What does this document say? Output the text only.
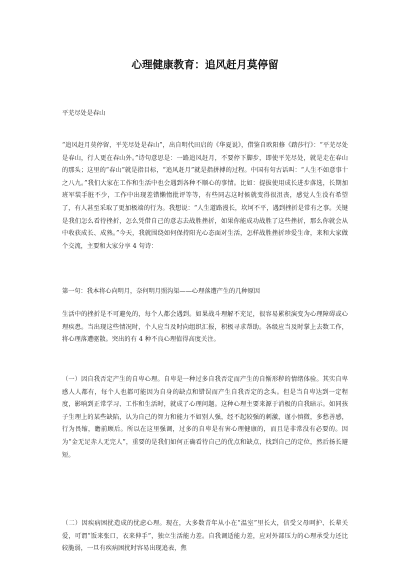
心理健康教育：追风赶月莫停留
平芜尽处是春山
“追风赶月莫停留，平芜尽处是春山”，出自明代田启的《华夏说》，借鉴自欧阳修《踏莎行》：“平芜尽处是春山，行人更在春山外。”诗句意思是：一路追风赶月，不要停下脚步，即使平芜尽处，就是走在春山的那头；这里的“春山”就是指目标，“追风赶月”就是指拼搏的过程。中国有句古话叫：“人生不如意事十之八九。”我们大家在工作和生活中也会遇到各种不顺心的事情。比如：提拔使用成长进步落选，长期加班军装手脏不少，工作中出现差错懒惰批评等等，有些同志这时候就变得很沮丧，感觉人生没有希望了，有人甚至采取了更加极端的行为。我想说：“人生道路漫长，坎坷不平，遇到挫折是常有之事。关键是我们怎么看待挫折，怎么凭借自己的意志去战胜挫折，如果你能成功战胜了这些挫折，那么你就会从中收获成长、成熟。”今天，我就围绕如何保持阳光心态面对生活，怎样战胜挫折珍爱生命，来和大家做个交流，主要和大家分享 4 句诗：
第一句：我本将心向明月，奈何明月照沟渠——心理落遭产生的几种原因
生活中的挫折是不可避免的，每个人都会遇到。如果战斗理解不充足，很容易累积演变为心理障碍或心理疾患。当出现这些情况时，个人应当及时向组织汇报，积极寻求帮助。各级应当及时掌上去数工作，将心理落遭驱散。突出的有 4 种不良心理值得高度关注。
（一）因自我否定产生的自卑心理。自卑是一种过多自我否定而产生的自惭形秽的情绪体验。其实自卑感人人都有，每个人也都可能因为自身的缺点和错误而产生自我否定的念头。但是当自卑达到一定程度，影响到正常学习、工作和生活时，就成了心理问题。这种心理主要来源于消极的自我暗示。如同孩子生理上的某些缺陷，认为自己的智力和能力不如别人强，经不起较强的刺激，谨小慎微，多愁善感，行为畏缩，瞻前顾后。所以在这里强调，过多的自卑是有害心理健康的，而且是非常没有必要的。因为“金无足赤人无完人”，重要的是我们如何正确看待自己的优点和缺点，找到自己的定位，然后扬长避短。
（二）因疾病困扰造成的忧虑心理。现在，大多数青年从小在“温室”里长大，信受父母呵护、长辈关爱，可谓“饭来张口，衣来伸手”，独立生活能力差。自我调适能力差，应对外部压力的心理承受力还比较脆弱，一旦有疾病困扰时容易出现追表，焦
